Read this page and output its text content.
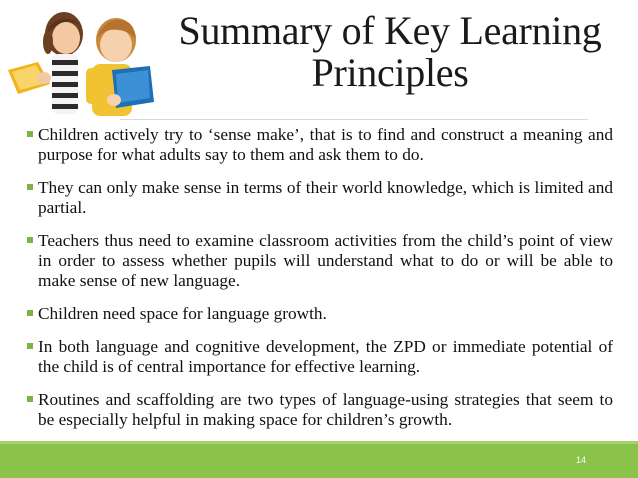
Summary of Key Learning
Principles
Children actively try to ‘sense make’, that is to find and construct a meaning and purpose for what adults say to them and ask them to do.
They can only make sense in terms of their world knowledge, which is limited and partial.
Teachers thus need to examine classroom activities from the child’s point of view in order to assess whether pupils will understand what to do or will be able to make sense of new language.
Children need space for language growth.
In both language and cognitive development, the ZPD or immediate potential of the child is of central importance for effective learning.
Routines and scaffolding are two types of language-using strategies that seem to be especially helpful in making space for children’s growth.
14
